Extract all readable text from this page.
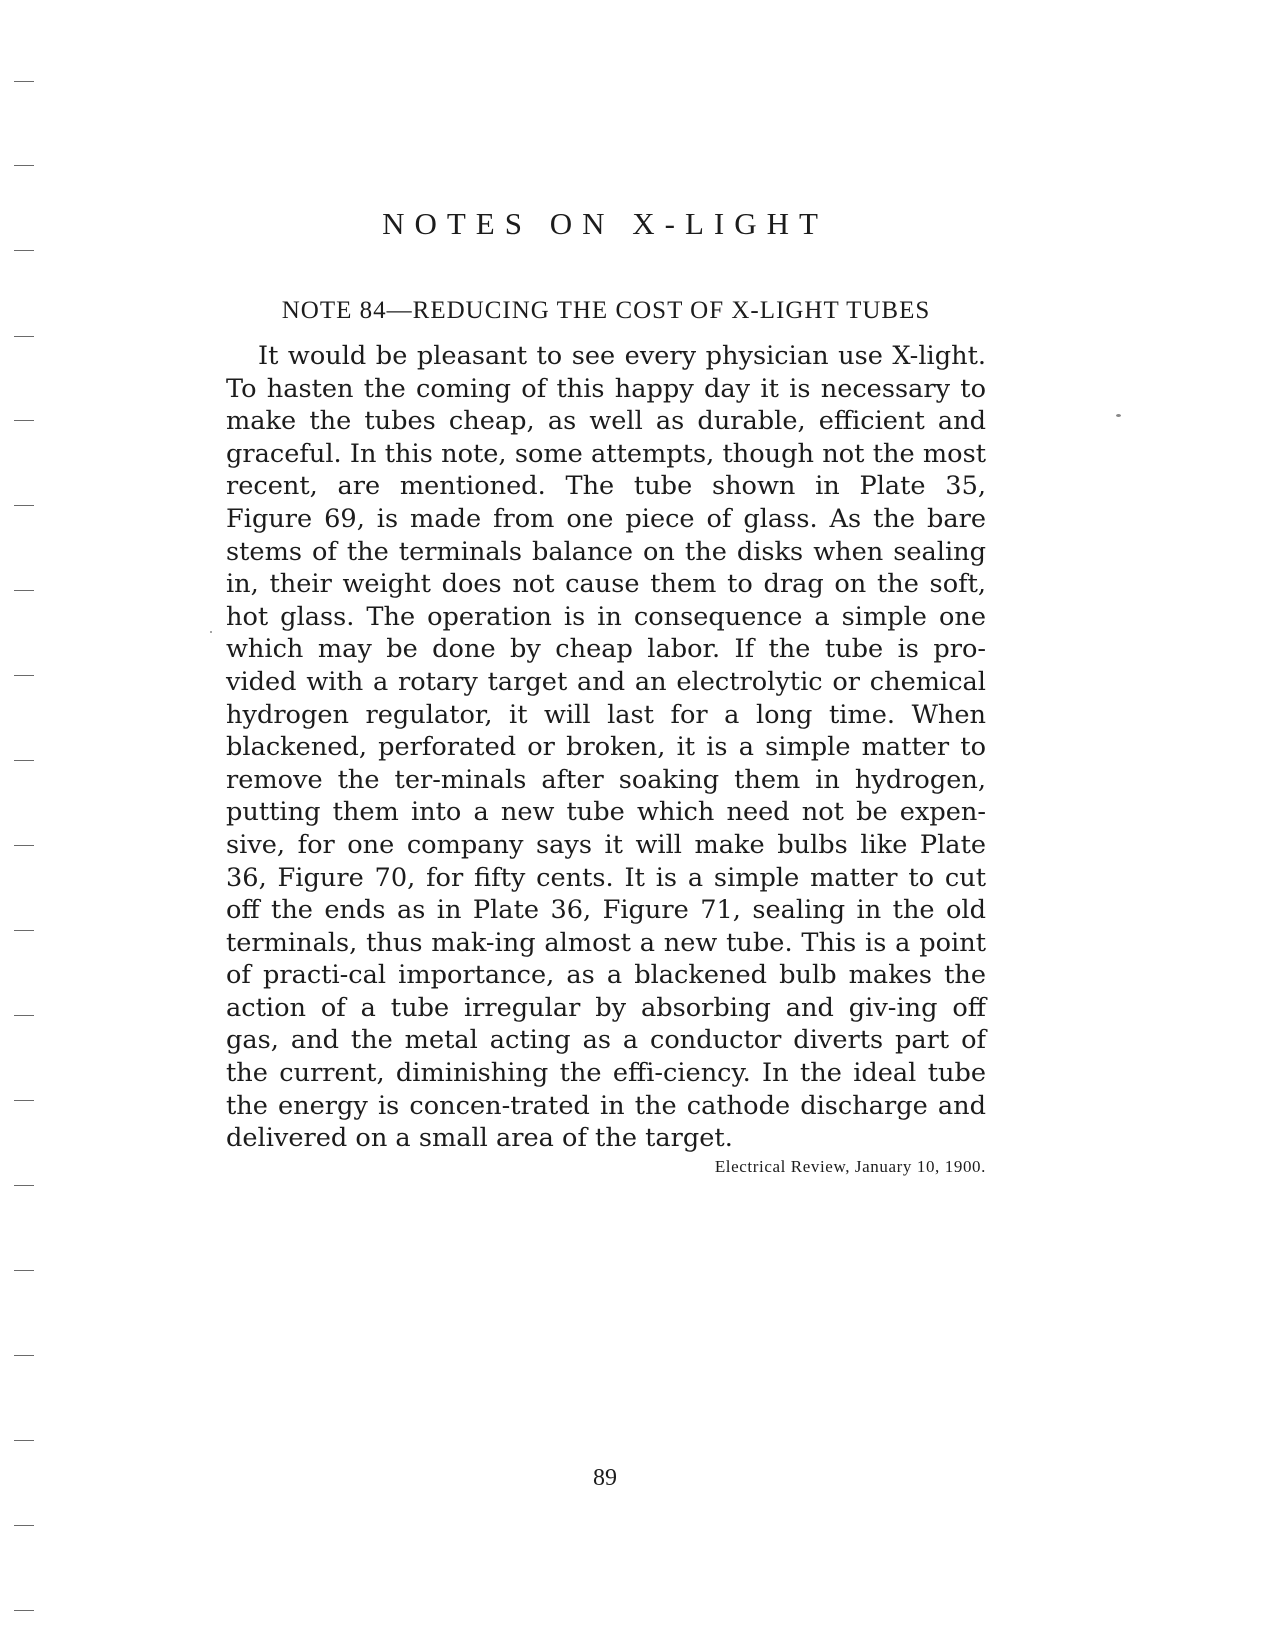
NOTES ON X-LIGHT
NOTE 84—REDUCING THE COST OF X-LIGHT TUBES

It would be pleasant to see every physician use X-light. To hasten the coming of this happy day it is necessary to make the tubes cheap, as well as durable, efficient and graceful. In this note, some attempts, though not the most recent, are mentioned. The tube shown in Plate 35, Figure 69, is made from one piece of glass. As the bare stems of the terminals balance on the disks when sealing in, their weight does not cause them to drag on the soft, hot glass. The operation is in consequence a simple one which may be done by cheap labor. If the tube is pro-vided with a rotary target and an electrolytic or chemical hydrogen regulator, it will last for a long time. When blackened, perforated or broken, it is a simple matter to remove the ter-minals after soaking them in hydrogen, putting them into a new tube which need not be expen-sive, for one company says it will make bulbs like Plate 36, Figure 70, for fifty cents. It is a simple matter to cut off the ends as in Plate 36, Figure 71, sealing in the old terminals, thus mak-ing almost a new tube. This is a point of practi-cal importance, as a blackened bulb makes the action of a tube irregular by absorbing and giv-ing off gas, and the metal acting as a conductor diverts part of the current, diminishing the effi-ciency. In the ideal tube the energy is concen-trated in the cathode discharge and delivered on a small area of the target.

Electrical Review, January 10, 1900.

89
